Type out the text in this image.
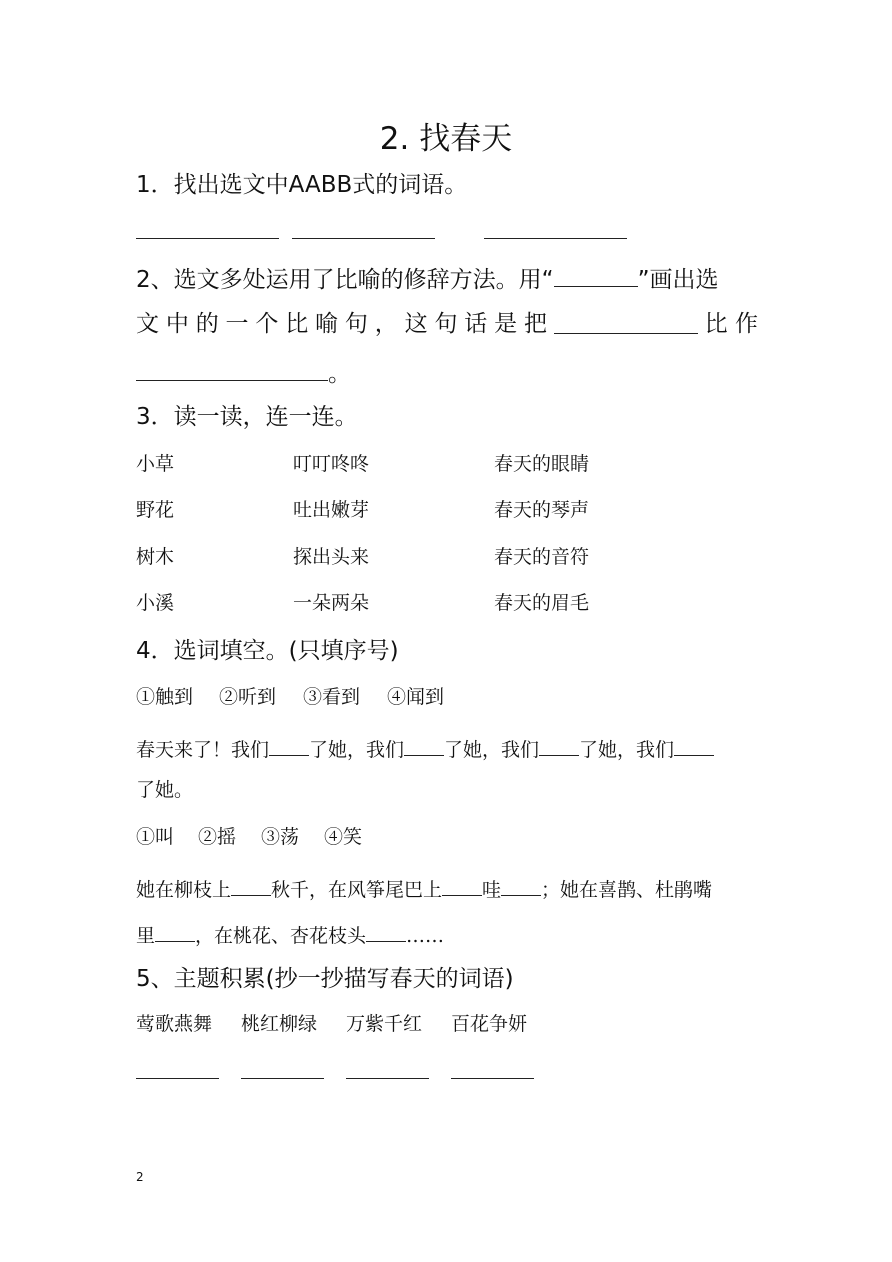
2. 找春天
1．找出选文中AABB式的词语。
2、选文多处运用了比喻的修辞方法。用“	”画出选
文 中 的 一 个 比 喻 句 ， 这 句 话 是 把	比 作
。
3．读一读，连一连。
小草	叮叮咚咚	春天的眼睛
野花	吐出嫩芽	春天的琴声
树木	探出头来	春天的音符
小溪	一朵两朵	春天的眉毛
4．选词填空。(只填序号)
①触到 ②听到 ③看到 ④闻到
春天来了！我们 了她，我们 了她，我们 了她，我们
了她。
①叫 ②摇 ③荡 ④笑
她在柳枝上 秋千，在风筝尾巴上 哇 ；她在喜鹊、杜鹃嘴
里 ，在桃花、杏花枝头 ……
5、主题积累(抄一抄描写春天的词语)
莺歌燕舞 桃红柳绿 万紫千红 百花争妍
2
